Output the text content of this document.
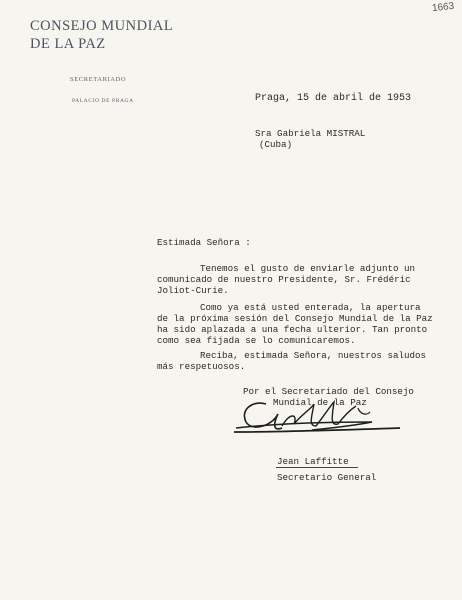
CONSEJO MUNDIAL
DE LA PAZ
SECRETARIADO
PALACIO DE PRAGA
1663
Praga, 15 de abril de 1953
Sra Gabriela MISTRAL
(Cuba)
Estimada Señora :
Tenemos el gusto de enviarle adjunto un
comunicado de nuestro Presidente, Sr. Frédéric
Joliot-Curie.
Como ya está usted enterada, la apertura
de la próxima sesión del Consejo Mundial de la Paz
ha sido aplazada a una fecha ulterior. Tan pronto
como sea fijada se lo comunicaremos.
Reciba, estimada Señora, nuestros saludos
más respetuosos.
Por el Secretariado del Consejo
Mundial de la Paz
Jean Laffitte
Secretario General
